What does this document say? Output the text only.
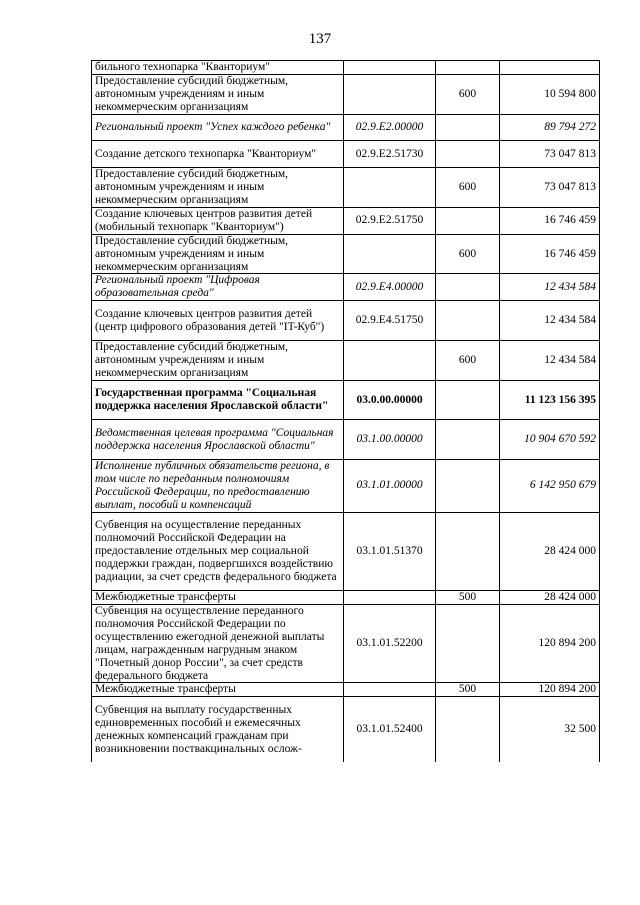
137
бильного технопарка "Кванториум"			
Предоставление субсидий бюджетным, автономным учреждениям и иным некоммерческим организациям		600	10 594 800
Региональный проект "Успех каждого ребенка"	02.9.E2.00000		89 794 272
Создание детского технопарка "Кванториум"	02.9.E2.51730		73 047 813
Предоставление субсидий бюджетным, автономным учреждениям и иным некоммерческим организациям		600	73 047 813
Создание ключевых центров развития детей (мобильный технопарк "Кванториум")	02.9.E2.51750		16 746 459
Предоставление субсидий бюджетным, автономным учреждениям и иным некоммерческим организациям		600	16 746 459
Региональный проект "Цифровая образовательная среда"	02.9.E4.00000		12 434 584
Создание ключевых центров развития детей (центр цифрового образования детей "IT-Куб")	02.9.E4.51750		12 434 584
Предоставление субсидий бюджетным, автономным учреждениям и иным некоммерческим организациям		600	12 434 584
Государственная программа "Социальная поддержка населения Ярославской области"	03.0.00.00000		11 123 156 395
Ведомственная целевая программа "Социальная поддержка населения Ярославской области"	03.1.00.00000		10 904 670 592
Исполнение публичных обязательств региона, в том числе по переданным полномочиям Российской Федерации, по предоставлению выплат, пособий и компенсаций	03.1.01.00000		6 142 950 679
Субвенция на осуществление переданных полномочий Российской Федерации на предоставление отдельных мер социальной поддержки граждан, подвергшихся воздействию радиации, за счет средств федерального бюджета	03.1.01.51370		28 424 000
Межбюджетные трансферты		500	28 424 000
Субвенция на осуществление переданного полномочия Российской Федерации по осуществлению ежегодной денежной выплаты лицам, награжденным нагрудным знаком "Почетный донор России", за счет средств федерального бюджета	03.1.01.52200		120 894 200
Межбюджетные трансферты		500	120 894 200
Субвенция на выплату государственных единовременных пособий и ежемесячных денежных компенсаций гражданам при возникновении поствакцинальных ослож-	03.1.01.52400		32 500
